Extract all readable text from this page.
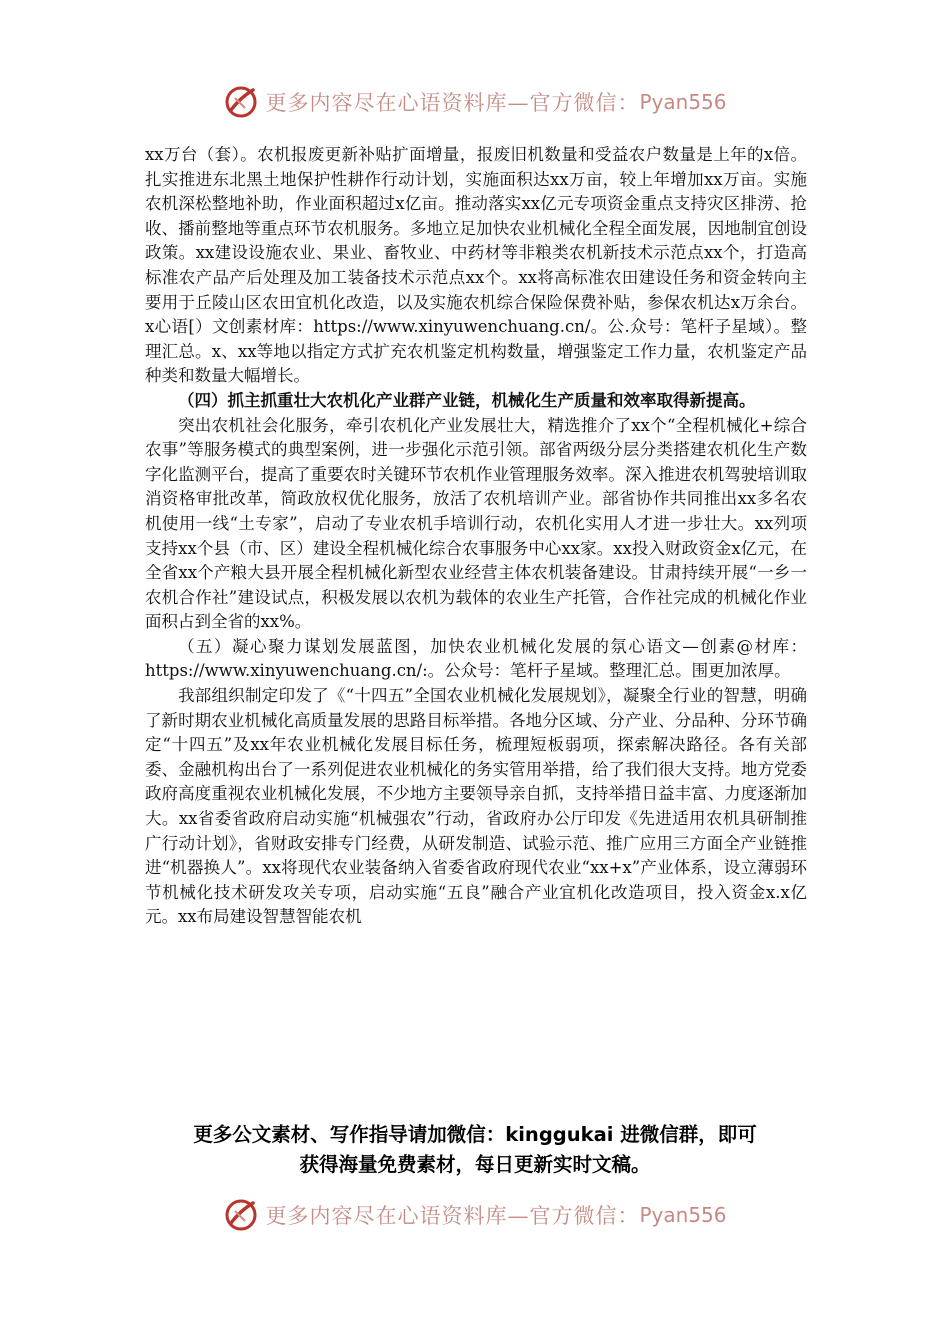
更多内容尽在心语资料库—官方微信： Pyan556

xx万台（套）。农机报废更新补贴扩面增量，报废旧机数量和受益农户数量是上年的x倍。扎实推进东北黑土地保护性耕作行动计划，实施面积达xx万亩，较上年增加xx万亩。实施农机深松整地补助，作业面积超过x亿亩。推动落实xx亿元专项资金重点支持灾区排涝、抢收、播前整地等重点环节农机服务。多地立足加快农业机械化全程全面发展，因地制宜创设政策。xx建设设施农业、果业、畜牧业、中药材等非粮类农机新技术示范点xx个，打造高标准农产品产后处理及加工装备技术示范点xx个。xx将高标准农田建设任务和资金转向主要用于丘陵山区农田宜机化改造，以及实施农机综合保险保费补贴，参保农机达x万余台。x心语[）文创素材库：https://www.xinyuwenchuang.cn/。公.众号：笔杆子星域）。整理汇总。x、xx等地以指定方式扩充农机鉴定机构数量，增强鉴定工作力量，农机鉴定产品种类和数量大幅增长。

（四）抓主抓重壮大农机化产业群产业链，机械化生产质量和效率取得新提高。

突出农机社会化服务，牵引农机化产业发展壮大，精选推介了xx个“全程机械化+综合农事”等服务模式的典型案例，进一步强化示范引领。部省两级分层分类搭建农机化生产数字化监测平台，提高了重要农时关键环节农机作业管理服务效率。深入推进农机驾驶培训取消资格审批改革，简政放权优化服务，放活了农机培训产业。部省协作共同推出xx多名农机使用一线“土专家”，启动了专业农机手培训行动，农机化实用人才进一步壮大。xx列项支持xx个县（市、区）建设全程机械化综合农事服务中心xx家。xx投入财政资金x亿元，在全省xx个产粮大县开展全程机械化新型农业经营主体农机装备建设。甘肃持续开展“一乡一农机合作社”建设试点，积极发展以农机为载体的农业生产托管，合作社完成的机械化作业面积占到全省的xx%。

（五）凝心聚力谋划发展蓝图，加快农业机械化发展的氛心语文—创素@材库：https://www.xinyuwenchuang.cn/:。公众号：笔杆子星域。整理汇总。围更加浓厚。

我部组织制定印发了《“十四五”全国农业机械化发展规划》，凝聚全行业的智慧，明确了新时期农业机械化高质量发展的思路目标举措。各地分区域、分产业、分品种、分环节确定“十四五”及xx年农业机械化发展目标任务，梳理短板弱项，探索解决路径。各有关部委、金融机构出台了一系列促进农业机械化的务实管用举措，给了我们很大支持。地方党委政府高度重视农业机械化发展，不少地方主要领导亲自抓，支持举措日益丰富、力度逐渐加大。xx省委省政府启动实施“机械强农”行动，省政府办公厅印发《先进适用农机具研制推广行动计划》，省财政安排专门经费，从研发制造、试验示范、推广应用三方面全产业链推进“机器换人”。xx将现代农业装备纳入省委省政府现代农业“xx+x”产业体系，设立薄弱环节机械化技术研发攻关专项，启动实施“五良”融合产业宜机化改造项目，投入资金x.x亿元。xx布局建设智慧智能农机

更多公文素材、写作指导请加微信：kinggukai 进微信群，即可
获得海量免费素材，每日更新实时文稿。
更多内容尽在心语资料库—官方微信： Pyan556
